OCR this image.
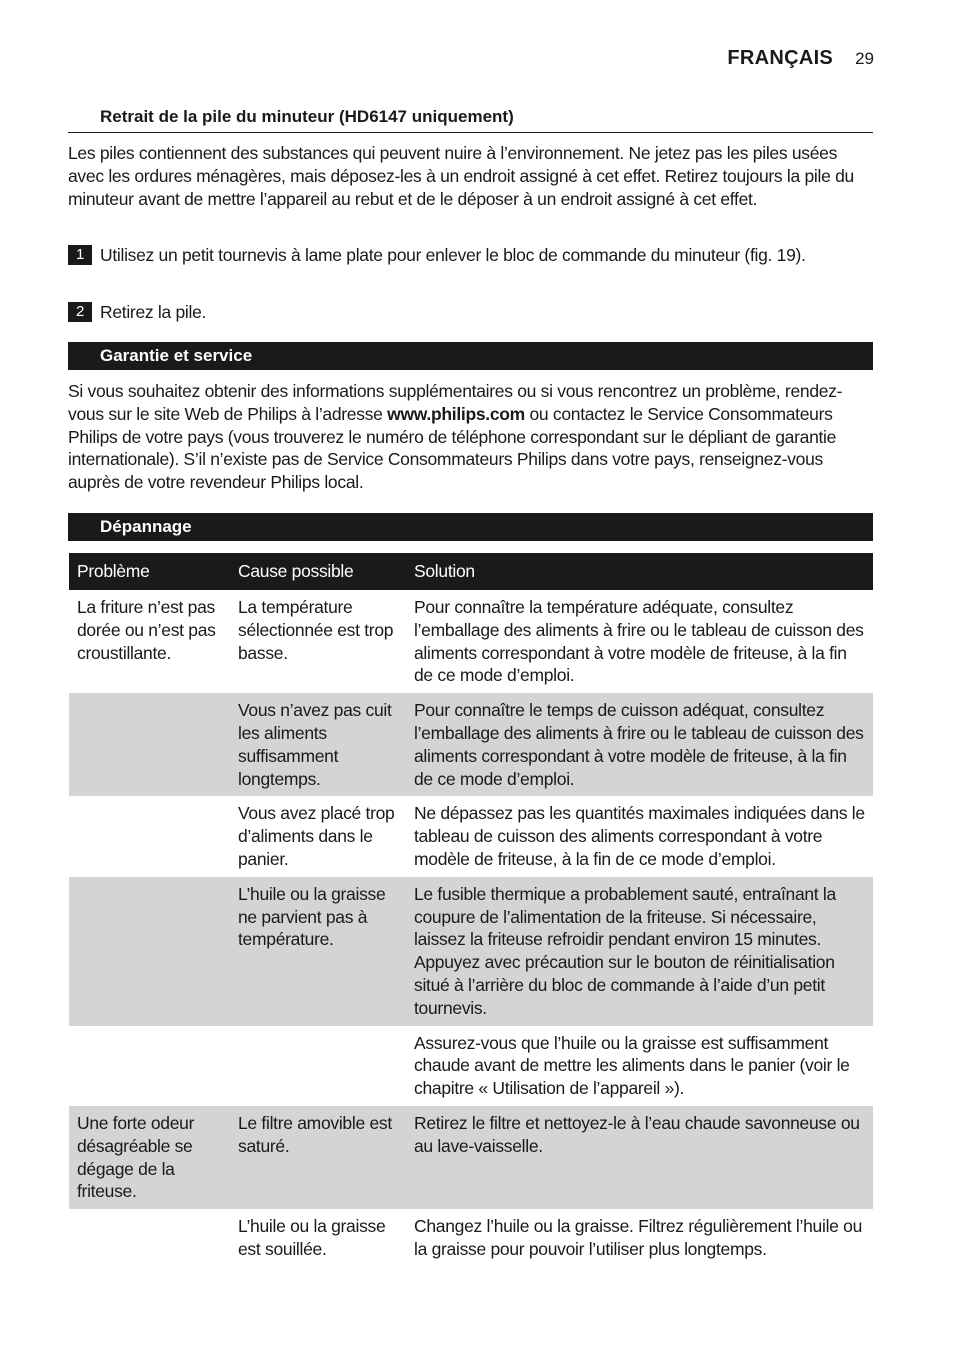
FRANÇAIS 29
Retrait de la pile du minuteur (HD6147 uniquement)

Les piles contiennent des substances qui peuvent nuire à l’environnement. Ne jetez pas les piles usées avec les ordures ménagères, mais déposez-les à un endroit assigné à cet effet. Retirez toujours la pile du minuteur avant de mettre l’appareil au rebut et de le déposer à un endroit assigné à cet effet.

1 Utilisez un petit tournevis à lame plate pour enlever le bloc de commande du minuteur (fig. 19).
2 Retirez la pile.
Garantie et service

Si vous souhaitez obtenir des informations supplémentaires ou si vous rencontrez un problème, rendez-vous sur le site Web de Philips à l’adresse www.philips.com ou contactez le Service Consommateurs Philips de votre pays (vous trouverez le numéro de téléphone correspondant sur le dépliant de garantie internationale). S’il n’existe pas de Service Consommateurs Philips dans votre pays, renseignez-vous auprès de votre revendeur Philips local.

Dépannage
Problème	Cause possible	Solution
La friture n’est pas dorée ou n’est pas croustillante.	La température sélectionnée est trop basse.	Pour connaître la température adéquate, consultez l’emballage des aliments à frire ou le tableau de cuisson des aliments correspondant à votre modèle de friteuse, à la fin de ce mode d’emploi.
	Vous n’avez pas cuit les aliments suffisamment longtemps.	Pour connaître le temps de cuisson adéquat, consultez l’emballage des aliments à frire ou le tableau de cuisson des aliments correspondant à votre modèle de friteuse, à la fin de ce mode d’emploi.
	Vous avez placé trop d’aliments dans le panier.	Ne dépassez pas les quantités maximales indiquées dans le tableau de cuisson des aliments correspondant à votre modèle de friteuse, à la fin de ce mode d’emploi.
	L’huile ou la graisse ne parvient pas à température.	Le fusible thermique a probablement sauté, entraînant la coupure de l’alimentation de la friteuse. Si nécessaire, laissez la friteuse refroidir pendant environ 15 minutes. Appuyez avec précaution sur le bouton de réinitialisation situé à l’arrière du bloc de commande à l’aide d’un petit tournevis.
		Assurez-vous que l’huile ou la graisse est suffisamment chaude avant de mettre les aliments dans le panier (voir le chapitre « Utilisation de l’appareil »).
Une forte odeur désagréable se dégage de la friteuse.	Le filtre amovible est saturé.	Retirez le filtre et nettoyez-le à l’eau chaude savonneuse ou au lave-vaisselle.
	L’huile ou la graisse est souillée.	Changez l’huile ou la graisse. Filtrez régulièrement l’huile ou la graisse pour pouvoir l’utiliser plus longtemps.
